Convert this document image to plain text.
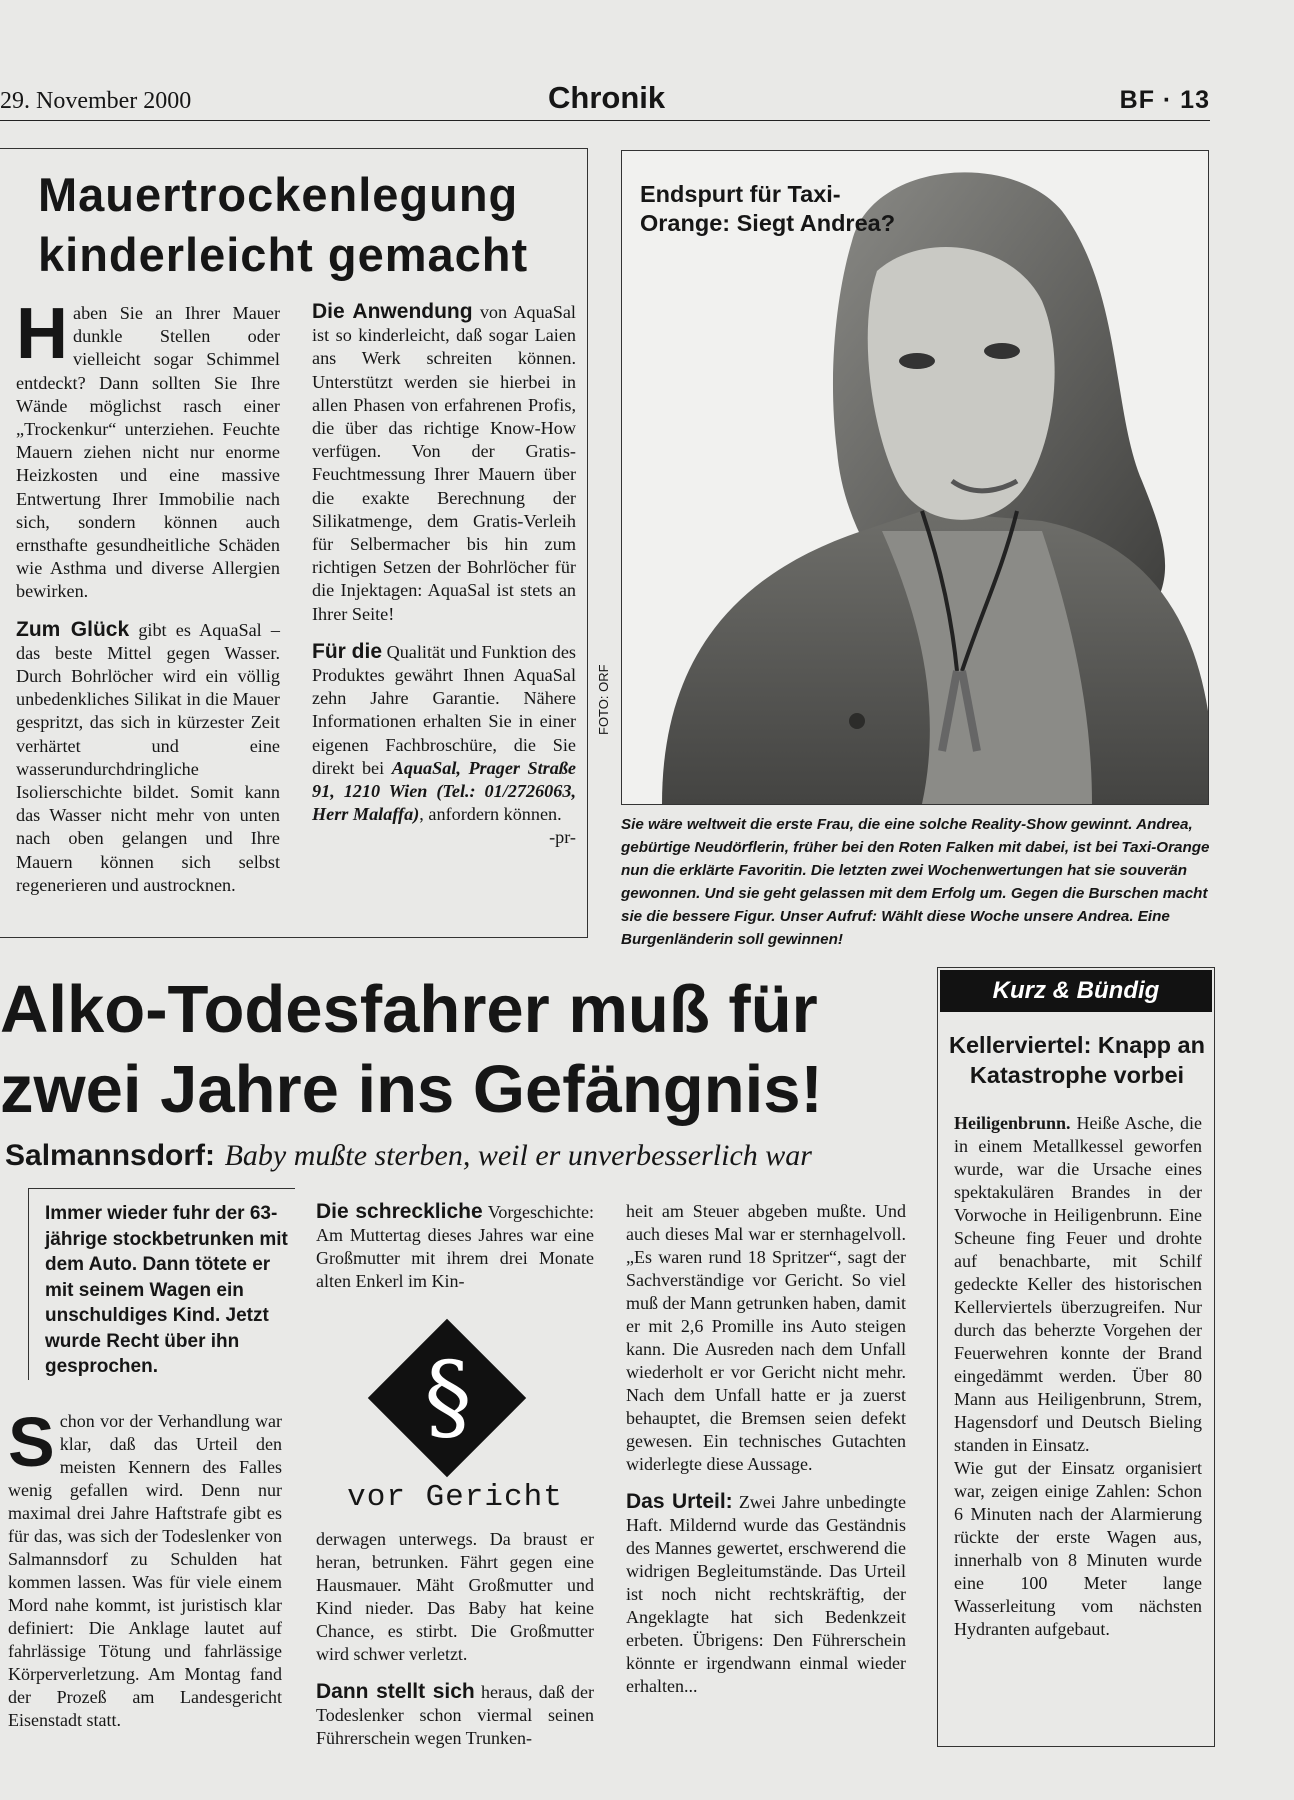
29. November 2000	Chronik	BF · 13
Mauertrockenlegung
kinderleicht gemacht

Haben Sie an Ihrer Mauer dunkle Stellen oder vielleicht sogar Schimmel entdeckt? Dann sollten Sie Ihre Wände möglichst rasch einer „Trockenkur“ unterziehen. Feuchte Mauern ziehen nicht nur enorme Heizkosten und eine massive Entwertung Ihrer Immobilie nach sich, sondern können auch ernsthafte gesundheitliche Schäden wie Asthma und diverse Allergien bewirken.

Zum Glück gibt es AquaSal – das beste Mittel gegen Wasser. Durch Bohrlöcher wird ein völlig unbedenkliches Silikat in die Mauer gespritzt, das sich in kürzester Zeit verhärtet und eine wasserundurchdringliche Isolierschichte bildet. Somit kann das Wasser nicht mehr von unten nach oben gelangen und Ihre Mauern können sich selbst regenerieren und austrocknen.

Die Anwendung von AquaSal ist so kinderleicht, daß sogar Laien ans Werk schreiten können. Unterstützt werden sie hierbei in allen Phasen von erfahrenen Profis, die über das richtige Know-How verfügen. Von der Gratis-Feuchtmessung Ihrer Mauern über die exakte Berechnung der Silikatmenge, dem Gratis-Verleih für Selbermacher bis hin zum richtigen Setzen der Bohrlöcher für die Injektagen: AquaSal ist stets an Ihrer Seite!

Für die Qualität und Funktion des Produktes gewährt Ihnen AquaSal zehn Jahre Garantie. Nähere Informationen erhalten Sie in einer eigenen Fachbroschüre, die Sie direkt bei AquaSal, Prager Straße 91, 1210 Wien (Tel.: 01/2726063, Herr Malaffa), anfordern können.

-pr-
Endspurt für Taxi-Orange: Siegt Andrea?
FOTO: ORF
Sie wäre weltweit die erste Frau, die eine solche Reality-Show gewinnt. Andrea, gebürtige Neudörflerin, früher bei den Roten Falken mit dabei, ist bei Taxi-Orange nun die erklärte Favoritin. Die letzten zwei Wochenwertungen hat sie souverän gewonnen. Und sie geht gelassen mit dem Erfolg um. Gegen die Burschen macht sie die bessere Figur. Unser Aufruf: Wählt diese Woche unsere Andrea. Eine Burgenländerin soll gewinnen!
Alko-Todesfahrer muß für
zwei Jahre ins Gefängnis!
Salmannsdorf: Baby mußte sterben, weil er unverbesserlich war
Immer wieder fuhr der 63-jährige stockbetrunken mit dem Auto. Dann tötete er mit seinem Wagen ein unschuldiges Kind. Jetzt wurde Recht über ihn gesprochen.

Schon vor der Verhandlung war klar, daß das Urteil den meisten Kennern des Falles wenig gefallen wird. Denn nur maximal drei Jahre Haftstrafe gibt es für das, was sich der Todeslenker von Salmannsdorf zu Schulden hat kommen lassen. Was für viele einem Mord nahe kommt, ist juristisch klar definiert: Die Anklage lautet auf fahrlässige Tötung und fahrlässige Körperverletzung. Am Montag fand der Prozeß am Landesgericht Eisenstadt statt.

Die schreckliche Vorgeschichte: Am Muttertag dieses Jahres war eine Großmutter mit ihrem drei Monate alten Enkerl im Kin-

§
vor Gericht

derwagen unterwegs. Da braust er heran, betrunken. Fährt gegen eine Hausmauer. Mäht Großmutter und Kind nieder. Das Baby hat keine Chance, es stirbt. Die Großmutter wird schwer verletzt.

Dann stellt sich heraus, daß der Todeslenker schon viermal seinen Führerschein wegen Trunken-

heit am Steuer abgeben mußte. Und auch dieses Mal war er sternhagelvoll. „Es waren rund 18 Spritzer“, sagt der Sachverständige vor Gericht. So viel muß der Mann getrunken haben, damit er mit 2,6 Promille ins Auto steigen kann. Die Ausreden nach dem Unfall wiederholt er vor Gericht nicht mehr. Nach dem Unfall hatte er ja zuerst behauptet, die Bremsen seien defekt gewesen. Ein technisches Gutachten widerlegte diese Aussage.

Das Urteil: Zwei Jahre unbedingte Haft. Mildernd wurde das Geständnis des Mannes gewertet, erschwerend die widrigen Begleitumstände. Das Urteil ist noch nicht rechtskräftig, der Angeklagte hat sich Bedenkzeit erbeten. Übrigens: Den Führerschein könnte er irgendwann einmal wieder erhalten...

Kurz & Bündig
Kellerviertel: Knapp an Katastrophe vorbei

Heiligenbrunn. Heiße Asche, die in einem Metallkessel geworfen wurde, war die Ursache eines spektakulären Brandes in der Vorwoche in Heiligenbrunn. Eine Scheune fing Feuer und drohte auf benachbarte, mit Schilf gedeckte Keller des historischen Kellerviertels überzugreifen. Nur durch das beherzte Vorgehen der Feuerwehren konnte der Brand eingedämmt werden. Über 80 Mann aus Heiligenbrunn, Strem, Hagensdorf und Deutsch Bieling standen in Einsatz.

Wie gut der Einsatz organisiert war, zeigen einige Zahlen: Schon 6 Minuten nach der Alarmierung rückte der erste Wagen aus, innerhalb von 8 Minuten wurde eine 100 Meter lange Wasserleitung vom nächsten Hydranten aufgebaut.
